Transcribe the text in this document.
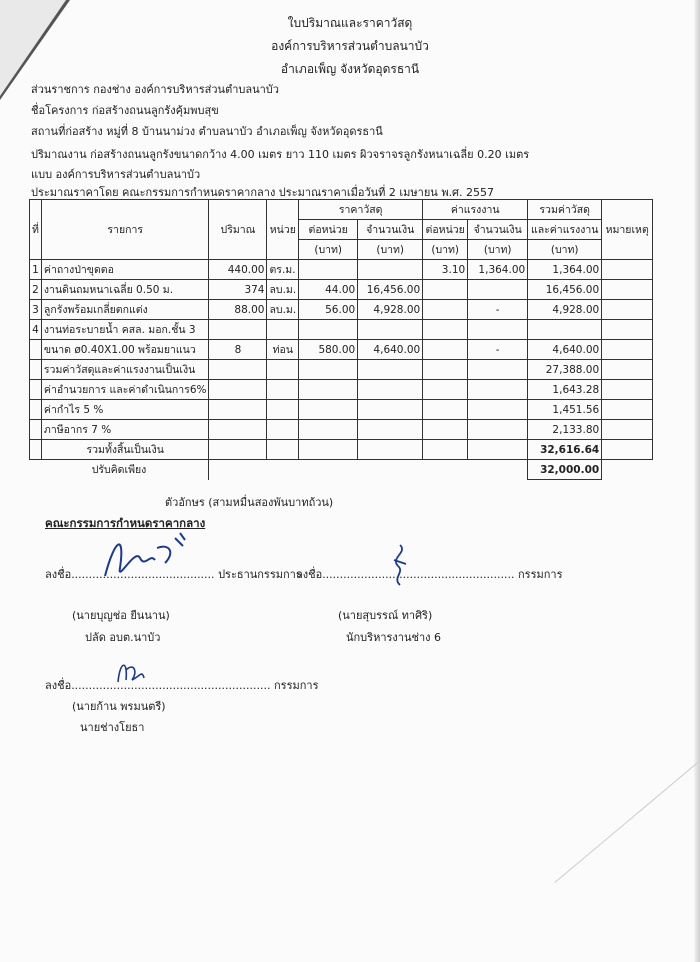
ใบปริมาณและราคาวัสดุ
องค์การบริหารส่วนตำบลนาบัว
อำเภอเพ็ญ จังหวัดอุดรธานี
ส่วนราชการ กองช่าง องค์การบริหารส่วนตำบลนาบัว
ชื่อโครงการ ก่อสร้างถนนลูกรังคุ้มพบสุข
สถานที่ก่อสร้าง หมู่ที่ 8 บ้านนาม่วง ตำบลนาบัว อำเภอเพ็ญ จังหวัดอุดรธานี
ปริมาณงาน ก่อสร้างถนนลูกรังขนาดกว้าง 4.00 เมตร ยาว 110 เมตร ผิวจราจรลูกรังหนาเฉลี่ย 0.20 เมตร
แบบ องค์การบริหารส่วนตำบลนาบัว
ประมาณราคาโดย คณะกรรมการกำหนดราคากลาง ประมาณราคาเมื่อวันที่ 2 เมษายน พ.ศ. 2557
ที่	รายการ	ปริมาณ	หน่วย	ราคาวัสดุ		ค่าแรงงาน		รวมค่าวัสดุ	หมายเหตุ
				ต่อหน่วย	จำนวนเงิน	ต่อหน่วย	จำนวนเงิน	และค่าแรงงาน	
				(บาท)	(บาท)	(บาท)	(บาท)	(บาท)	
1	ค่าถางป่าขุดตอ	440.00	ตร.ม.			3.10	1,364.00	1,364.00	
2	งานดินถมหนาเฉลี่ย 0.50 ม.	374	ลบ.ม.	44.00	16,456.00			16,456.00	
3	ลูกรังพร้อมเกลี่ยตกแต่ง	88.00	ลบ.ม.	56.00	4,928.00		-	4,928.00	
4	งานท่อระบายน้ำ คสล. มอก.ชั้น 3								
	ขนาด ø0.40X1.00 พร้อมยาแนว	8	ท่อน	580.00	4,640.00		-	4,640.00	
	รวมค่าวัสดุและค่าแรงงานเป็นเงิน							27,388.00	
	ค่าอำนวยการ และค่าดำเนินการ6%							1,643.28	
	ค่ากำไร 5 %							1,451.56	
	ภาษีอากร 7 %							2,133.80	
	รวมทั้งสิ้นเป็นเงิน							32,616.64	
ปรับคิดเพียง								32,000.00	
ตัวอักษร (สามหมื่นสองพันบาทถ้วน)
คณะกรรมการกำหนดราคากลาง
ลงชื่อ......................................... ประธานกรรมการ
ลงชื่อ....................................................... กรรมการ
(นายบุญช่อ ยืนนาน)
ปลัด อบต.นาบัว
(นายสุบรรณ์ ทาศิริ)
นักบริหารงานช่าง 6
ลงชื่อ......................................................... กรรมการ
(นายก้าน พรมนตรี)
นายช่างโยธา
